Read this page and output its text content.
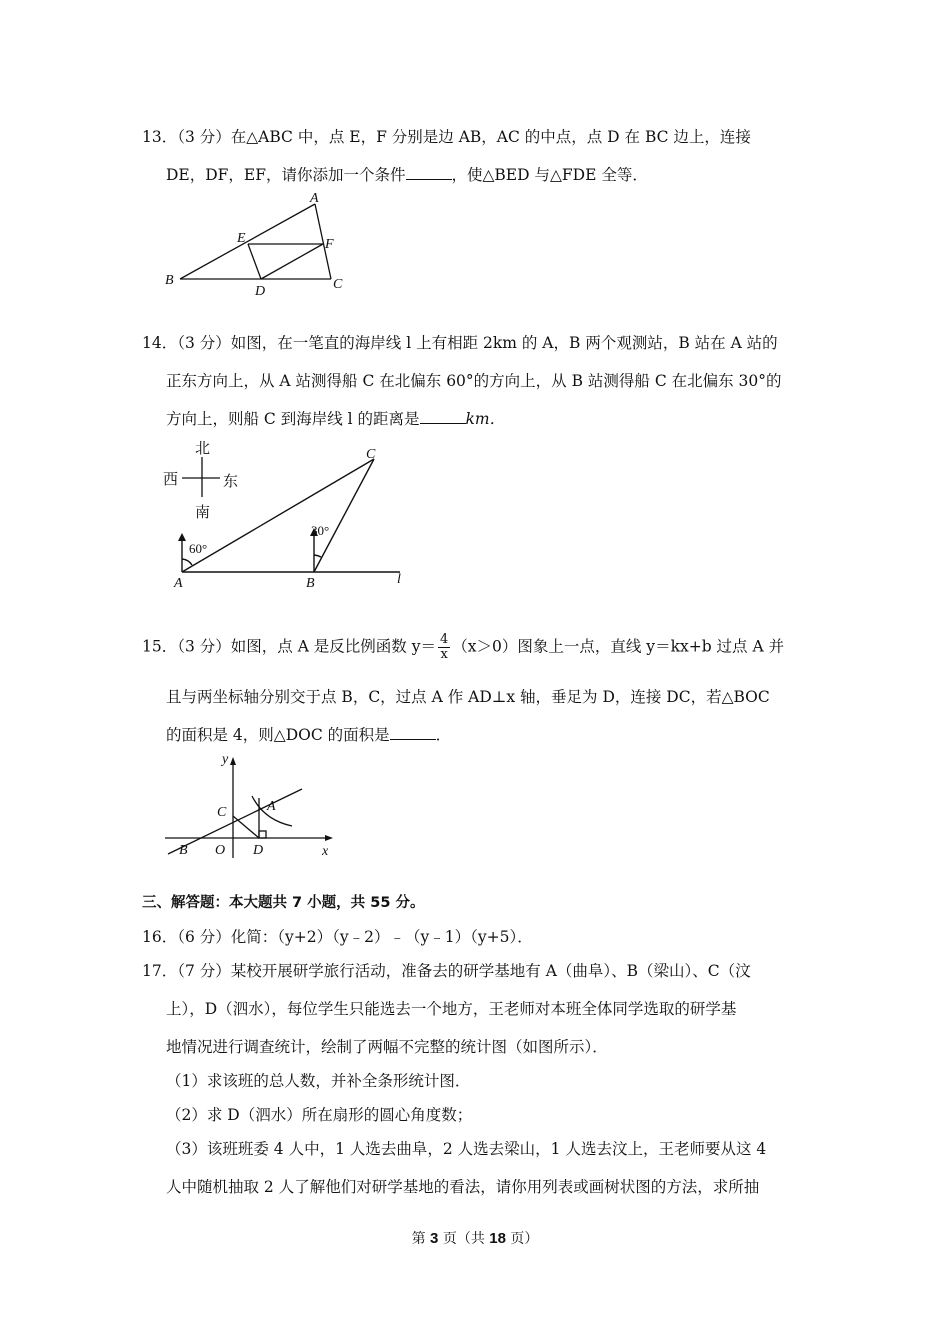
13．（3 分）在△ABC 中，点 E，F 分别是边 AB，AC 的中点，点 D 在 BC 边上，连接
DE，DF，EF，请你添加一个条件	，使△BED 与△FDE 全等．
A
B	C
D
E	F
14．（3 分）如图，在一笔直的海岸线 l 上有相距 2km 的 A，B 两个观测站，B 站在 A 站的
正东方向上，从 A 站测得船 C 在北偏东 60°的方向上，从 B 站测得船 C 在北偏东 30°的
方向上，则船 C 到海岸线 l 的距离是	km．
北
南
西	东
A	B
C
l
60°
30°
15．（3 分）如图，点 A 是反比例函数 $y= \frac{4}{x} (x>0)$图象上一点，直线 y＝kx+b 过点 A 并
且与两坐标轴分别交于点 B，C，过点 A 作 AD⊥x 轴，垂足为 D，连接 DC，若△BOC
的面积是 4，则△DOC 的面积是	．
y
x
A
B
C
D
O
三、解答题：本大题共 7 小题，共 55 分。
16．（6 分）化简：（y+2）（y﹣2）﹣（y﹣1）（y+5）．
17．（7 分）某校开展研学旅行活动，准备去的研学基地有 A（曲阜）、B（梁山）、C（汶
上），D（泗水），每位学生只能选去一个地方，王老师对本班全体同学选取的研学基
地情况进行调查统计，绘制了两幅不完整的统计图（如图所示）．
（1）求该班的总人数，并补全条形统计图．
（2）求 D（泗水）所在扇形的圆心角度数；
（3）该班班委 4 人中，1 人选去曲阜，2 人选去梁山，1 人选去汶上，王老师要从这 4
人中随机抽取 2 人了解他们对研学基地的看法，请你用列表或画树状图的方法，求所抽
第 3 页（共 18 页）
